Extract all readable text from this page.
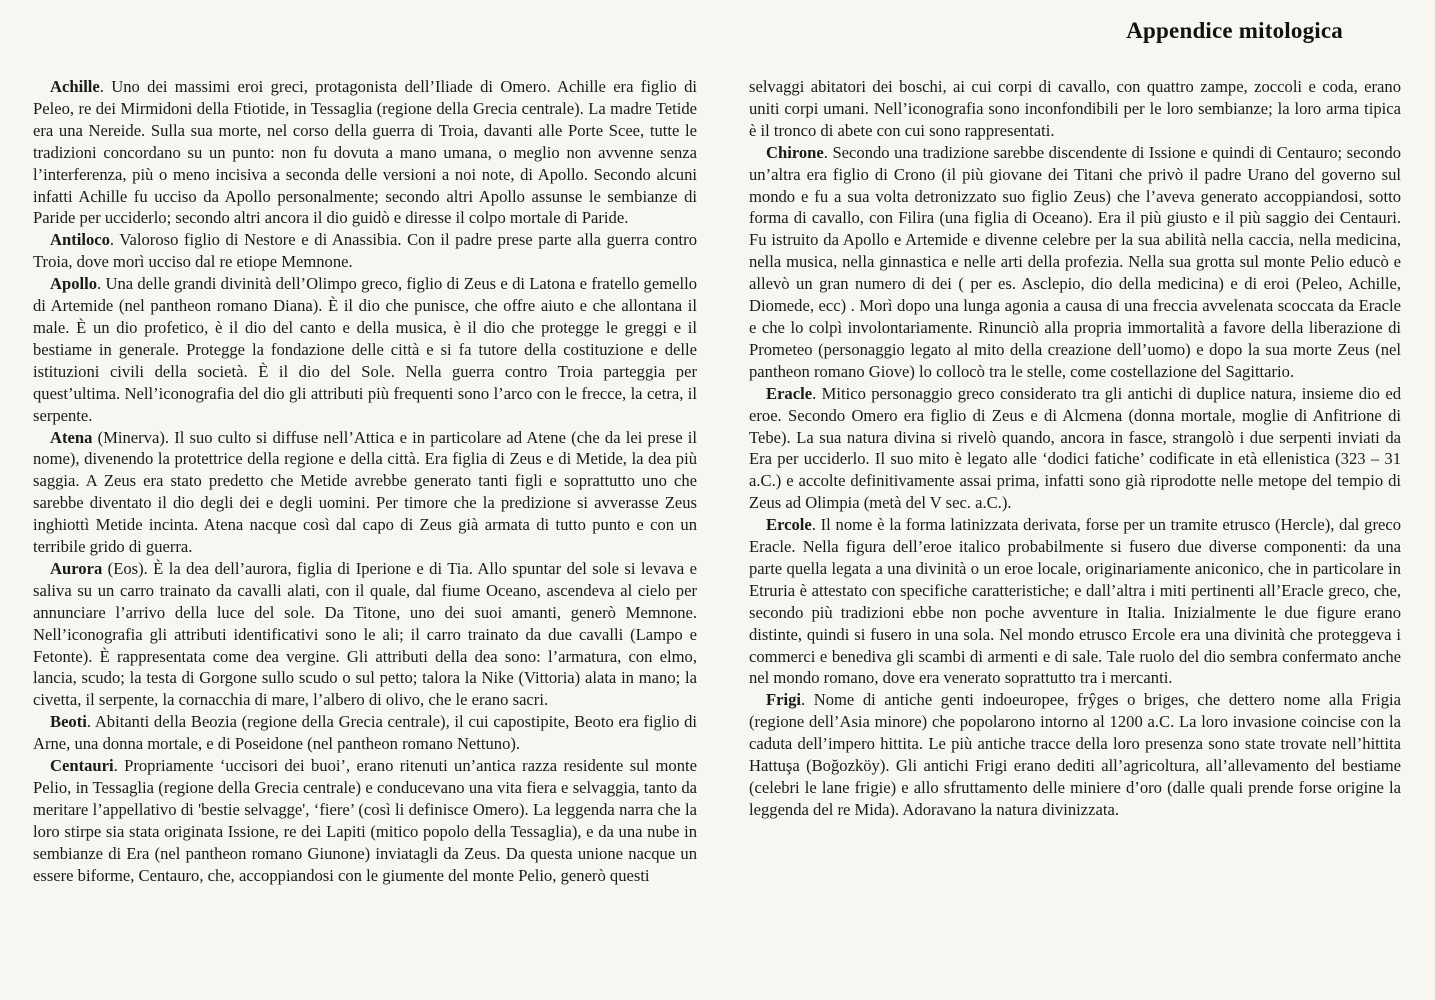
Appendice mitologica

Achille. Uno dei massimi eroi greci, protagonista dell’Iliade di Omero. Achille era figlio di Peleo, re dei Mirmidoni della Ftiotide, in Tessaglia (regione della Grecia centrale). La madre Tetide era una Nereide. Sulla sua morte, nel corso della guerra di Troia, davanti alle Porte Scee, tutte le tradizioni concordano su un punto: non fu dovuta a mano umana, o meglio non avvenne senza l’interferenza, più o meno incisiva a seconda delle versioni a noi note, di Apollo. Secondo alcuni infatti Achille fu ucciso da Apollo personalmente; secondo altri Apollo assunse le sembianze di Paride per ucciderlo; secondo altri ancora il dio guidò e diresse il colpo mortale di Paride.

Antiloco. Valoroso figlio di Nestore e di Anassibia. Con il padre prese parte alla guerra contro Troia, dove morì ucciso dal re etiope Memnone.

Apollo. Una delle grandi divinità dell’Olimpo greco, figlio di Zeus e di Latona e fratello gemello di Artemide (nel pantheon romano Diana). È il dio che punisce, che offre aiuto e che allontana il male. È un dio profetico, è il dio del canto e della musica, è il dio che protegge le greggi e il bestiame in generale. Protegge la fondazione delle città e si fa tutore della costituzione e delle istituzioni civili della società. È il dio del Sole. Nella guerra contro Troia parteggia per quest’ultima. Nell’iconografia del dio gli attributi più frequenti sono l’arco con le frecce, la cetra, il serpente.

Atena (Minerva). Il suo culto si diffuse nell’Attica e in particolare ad Atene (che da lei prese il nome), divenendo la protettrice della regione e della città. Era figlia di Zeus e di Metide, la dea più saggia. A Zeus era stato predetto che Metide avrebbe generato tanti figli e soprattutto uno che sarebbe diventato il dio degli dei e degli uomini. Per timore che la predizione si avverasse Zeus inghiottì Metide incinta. Atena nacque così dal capo di Zeus già armata di tutto punto e con un terribile grido di guerra.

Aurora (Eos). È la dea dell’aurora, figlia di Iperione e di Tia. Allo spuntar del sole si levava e saliva su un carro trainato da cavalli alati, con il quale, dal fiume Oceano, ascendeva al cielo per annunciare l’arrivo della luce del sole. Da Titone, uno dei suoi amanti, generò Memnone. Nell’iconografia gli attributi identificativi sono le ali; il carro trainato da due cavalli (Lampo e Fetonte). È rappresentata come dea vergine. Gli attributi della dea sono: l’armatura, con elmo, lancia, scudo; la testa di Gorgone sullo scudo o sul petto; talora la Nike (Vittoria) alata in mano; la civetta, il serpente, la cornacchia di mare, l’albero di olivo, che le erano sacri.

Beoti. Abitanti della Beozia (regione della Grecia centrale), il cui capostipite, Beoto era figlio di Arne, una donna mortale, e di Poseidone (nel pantheon romano Nettuno).

Centauri. Propriamente ‘uccisori dei buoi’, erano ritenuti un’antica razza residente sul monte Pelio, in Tessaglia (regione della Grecia centrale) e conducevano una vita fiera e selvaggia, tanto da meritare l’appellativo di 'bestie selvagge', ‘fiere’ (così li definisce Omero). La leggenda narra che la loro stirpe sia stata originata Issione, re dei Lapiti (mitico popolo della Tessaglia), e da una nube in sembianze di Era (nel pantheon romano Giunone) inviatagli da Zeus. Da questa unione nacque un essere biforme, Centauro, che, accoppiandosi con le giumente del monte Pelio, generò questi

selvaggi abitatori dei boschi, ai cui corpi di cavallo, con quattro zampe, zoccoli e coda, erano uniti corpi umani. Nell’iconografia sono inconfondibili per le loro sembianze; la loro arma tipica è il tronco di abete con cui sono rappresentati.

Chirone. Secondo una tradizione sarebbe discendente di Issione e quindi di Centauro; secondo un’altra era figlio di Crono (il più giovane dei Titani che privò il padre Urano del governo sul mondo e fu a sua volta detronizzato suo figlio Zeus) che l’aveva generato accoppiandosi, sotto forma di cavallo, con Filira (una figlia di Oceano). Era il più giusto e il più saggio dei Centauri. Fu istruito da Apollo e Artemide e divenne celebre per la sua abilità nella caccia, nella medicina, nella musica, nella ginnastica e nelle arti della profezia. Nella sua grotta sul monte Pelio educò e allevò un gran numero di dei ( per es. Asclepio, dio della medicina) e di eroi (Peleo, Achille, Diomede, ecc) . Morì dopo una lunga agonia a causa di una freccia avvelenata scoccata da Eracle e che lo colpì involontariamente. Rinunciò alla propria immortalità a favore della liberazione di Prometeo (personaggio legato al mito della creazione dell’uomo) e dopo la sua morte Zeus (nel pantheon romano Giove) lo collocò tra le stelle, come costellazione del Sagittario.

Eracle. Mitico personaggio greco considerato tra gli antichi di duplice natura, insieme dio ed eroe. Secondo Omero era figlio di Zeus e di Alcmena (donna mortale, moglie di Anfitrione di Tebe). La sua natura divina si rivelò quando, ancora in fasce, strangolò i due serpenti inviati da Era per ucciderlo. Il suo mito è legato alle ‘dodici fatiche’ codificate in età ellenistica (323 – 31 a.C.) e accolte definitivamente assai prima, infatti sono già riprodotte nelle metope del tempio di Zeus ad Olimpia (metà del V sec. a.C.).

Ercole. Il nome è la forma latinizzata derivata, forse per un tramite etrusco (Hercle), dal greco Eracle. Nella figura dell’eroe italico probabilmente si fusero due diverse componenti: da una parte quella legata a una divinità o un eroe locale, originariamente aniconico, che in particolare in Etruria è attestato con specifiche caratteristiche; e dall’altra i miti pertinenti all’Eracle greco, che, secondo più tradizioni ebbe non poche avventure in Italia. Inizialmente le due figure erano distinte, quindi si fusero in una sola. Nel mondo etrusco Ercole era una divinità che proteggeva i commerci e benediva gli scambi di armenti e di sale. Tale ruolo del dio sembra confermato anche nel mondo romano, dove era venerato soprattutto tra i mercanti.

Frigi. Nome di antiche genti indoeuropee, frŷges o briges, che dettero nome alla Frigia (regione dell’Asia minore) che popolarono intorno al 1200 a.C. La loro invasione coincise con la caduta dell’impero hittita. Le più antiche tracce della loro presenza sono state trovate nell’hittita Hattuşa (Boğozköy). Gli antichi Frigi erano dediti all’agricoltura, all’allevamento del bestiame (celebri le lane frigie) e allo sfruttamento delle miniere d’oro (dalle quali prende forse origine la leggenda del re Mida). Adoravano la natura divinizzata.
